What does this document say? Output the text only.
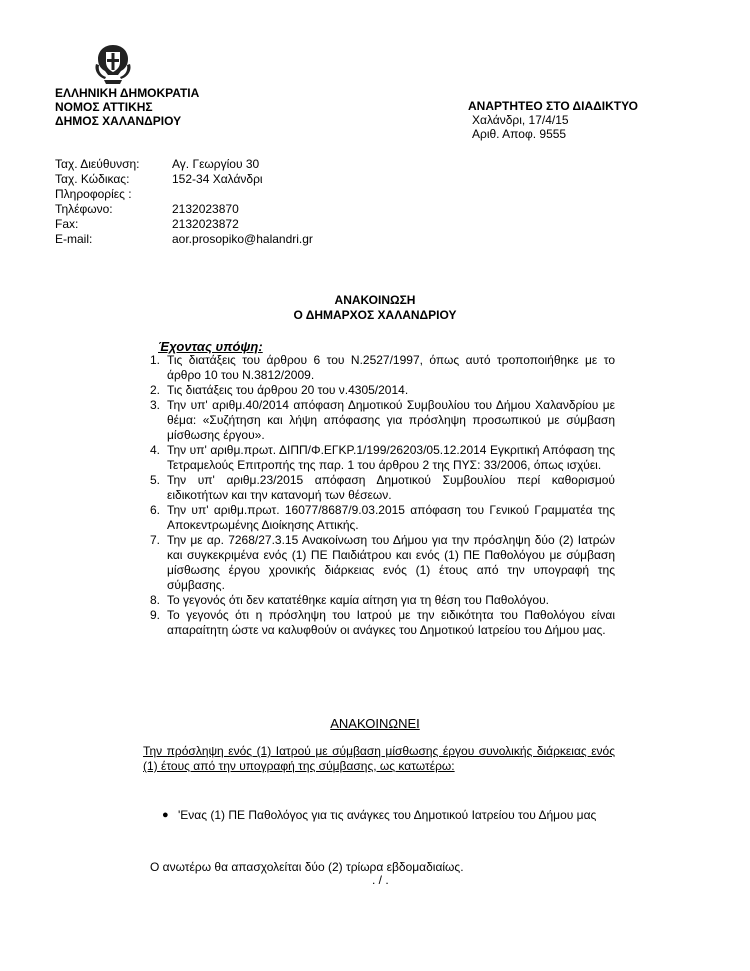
ΕΛΛΗΝΙΚΗ ΔΗΜΟΚΡΑΤΙΑ
ΝΟΜΟΣ ΑΤΤΙΚΗΣ
ΔΗΜΟΣ ΧΑΛΑΝΔΡΙΟΥ
ΑΝΑΡΤΗΤΕΟ ΣΤΟ ΔΙΑΔΙΚΤΥΟ
Χαλάνδρι, 17/4/15
Αριθ. Αποφ. 9555
Ταχ. Διεύθυνση:	Αγ. Γεωργίου 30
Ταχ. Κώδικας:	152-34 Χαλάνδρι
Πληροφορίες :
Τηλέφωνο:	2132023870
Fax:	2132023872
E-mail:	aor.prosopiko@halandri.gr
ΑΝΑΚΟΙΝΩΣΗ
Ο ΔΗΜΑΡΧΟΣ ΧΑΛΑΝΔΡΙΟΥ
Έχοντας υπόψη:
1. Τις διατάξεις του άρθρου 6 του Ν.2527/1997, όπως αυτό τροποποιήθηκε με το άρθρο 10 του Ν.3812/2009.
2. Τις διατάξεις του άρθρου 20 του ν.4305/2014.
3. Την υπ' αριθμ.40/2014 απόφαση Δημοτικού Συμβουλίου του Δήμου Χαλανδρίου με θέμα: «Συζήτηση και λήψη απόφασης για πρόσληψη προσωπικού με σύμβαση μίσθωσης έργου».
4. Την υπ' αριθμ.πρωτ. ΔΙΠΠ/Φ.ΕΓΚΡ.1/199/26203/05.12.2014 Εγκριτική Απόφαση της Τετραμελούς Επιτροπής της παρ. 1 του άρθρου 2 της ΠΥΣ: 33/2006, όπως ισχύει.
5. Την υπ' αριθμ.23/2015 απόφαση Δημοτικού Συμβουλίου περί καθορισμού ειδικοτήτων και την κατανομή των θέσεων.
6. Την υπ' αριθμ.πρωτ. 16077/8687/9.03.2015 απόφαση του Γενικού Γραμματέα της Αποκεντρωμένης Διοίκησης Αττικής.
7. Την με αρ. 7268/27.3.15 Ανακοίνωση του Δήμου για την πρόσληψη δύο (2) Ιατρών και συγκεκριμένα ενός (1) ΠΕ Παιδιάτρου και ενός (1) ΠΕ Παθολόγου με σύμβαση μίσθωσης έργου χρονικής διάρκειας ενός (1) έτους από την υπογραφή της σύμβασης.
8. Το γεγονός ότι δεν κατατέθηκε καμία αίτηση για τη θέση του Παθολόγου.
9. Το γεγονός ότι η πρόσληψη του Ιατρού με την ειδικότητα του Παθολόγου είναι απαραίτητη ώστε να καλυφθούν οι ανάγκες του Δημοτικού Ιατρείου του Δήμου μας.
ΑΝΑΚΟΙΝΩΝΕΙ
Την πρόσληψη ενός (1) Ιατρού με σύμβαση μίσθωσης έργου συνολικής διάρκειας ενός (1) έτους από την υπογραφή της σύμβασης, ως κατωτέρω:
● 'Ενας (1) ΠΕ Παθολόγος για τις ανάγκες του Δημοτικού Ιατρείου του Δήμου μας
Ο ανωτέρω θα απασχολείται δύο (2) τρίωρα εβδομαδιαίως.
. / .
